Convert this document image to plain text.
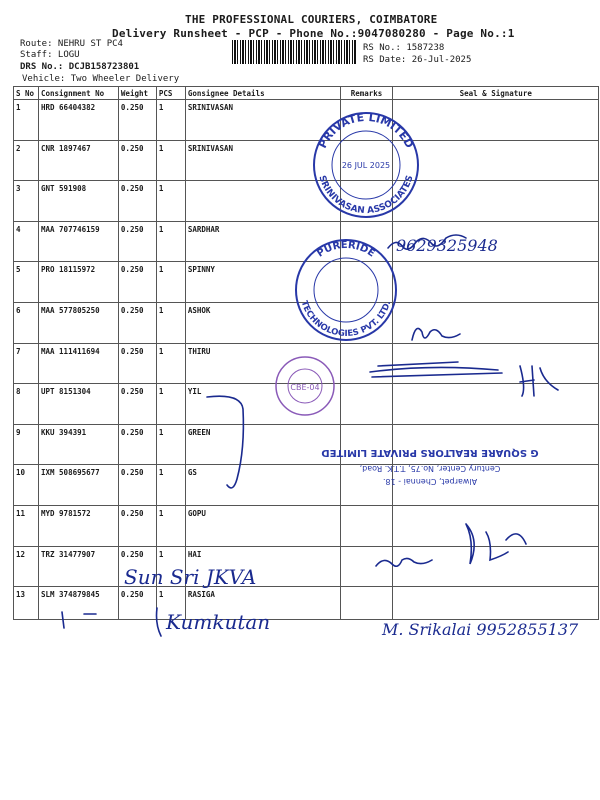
THE PROFESSIONAL COURIERS, COIMBATORE
Delivery Runsheet - PCP - Phone No.:9047080280 - Page No.:1
Route: NEHRU ST PC4
Staff: LOGU
DRS No.: DCJB158723801
Vehicle: Two Wheeler Delivery
RS No.: 1587238
RS Date: 26-Jul-2025
S No	Consignment No	Weight	PCS	Gonsignee Details	Remarks	Seal & Signature
1	HRD 66404382	0.250	1	SRINIVASAN		
2	CNR 1897467	0.250	1	SRINIVASAN		
3	GNT 591908	0.250	1			
4	MAA 707746159	0.250	1	SARDHAR		
5	PRO 18115972	0.250	1	SPINNY		
6	MAA 577805250	0.250	1	ASHOK		
7	MAA 111411694	0.250	1	THIRU		
8	UPT 8151304	0.250	1	YIL		
9	KKU 394391	0.250	1	GREEN		
10	IXM 508695677	0.250	1	GS		
11	MYD 9781572	0.250	1	GOPU		
12	TRZ 31477907	0.250	1	HAI		
13	SLM 374879845	0.250	1	RASIGA		
PRIVATE LIMITED
SRINIVASAN ASSOCIATES
26 JUL 2025
PURERIDE
TECHNOLOGIES PVT. LTD.
CBE-04
Alwarpet, Chennai - 18.
Century Center, No.75, T.T.K. Road,
G SQUARE REALTORS PRIVATE LIMITED
9629325948
Sun Sri JKVA
Kumkutan	M. Srikalai 9952855137
